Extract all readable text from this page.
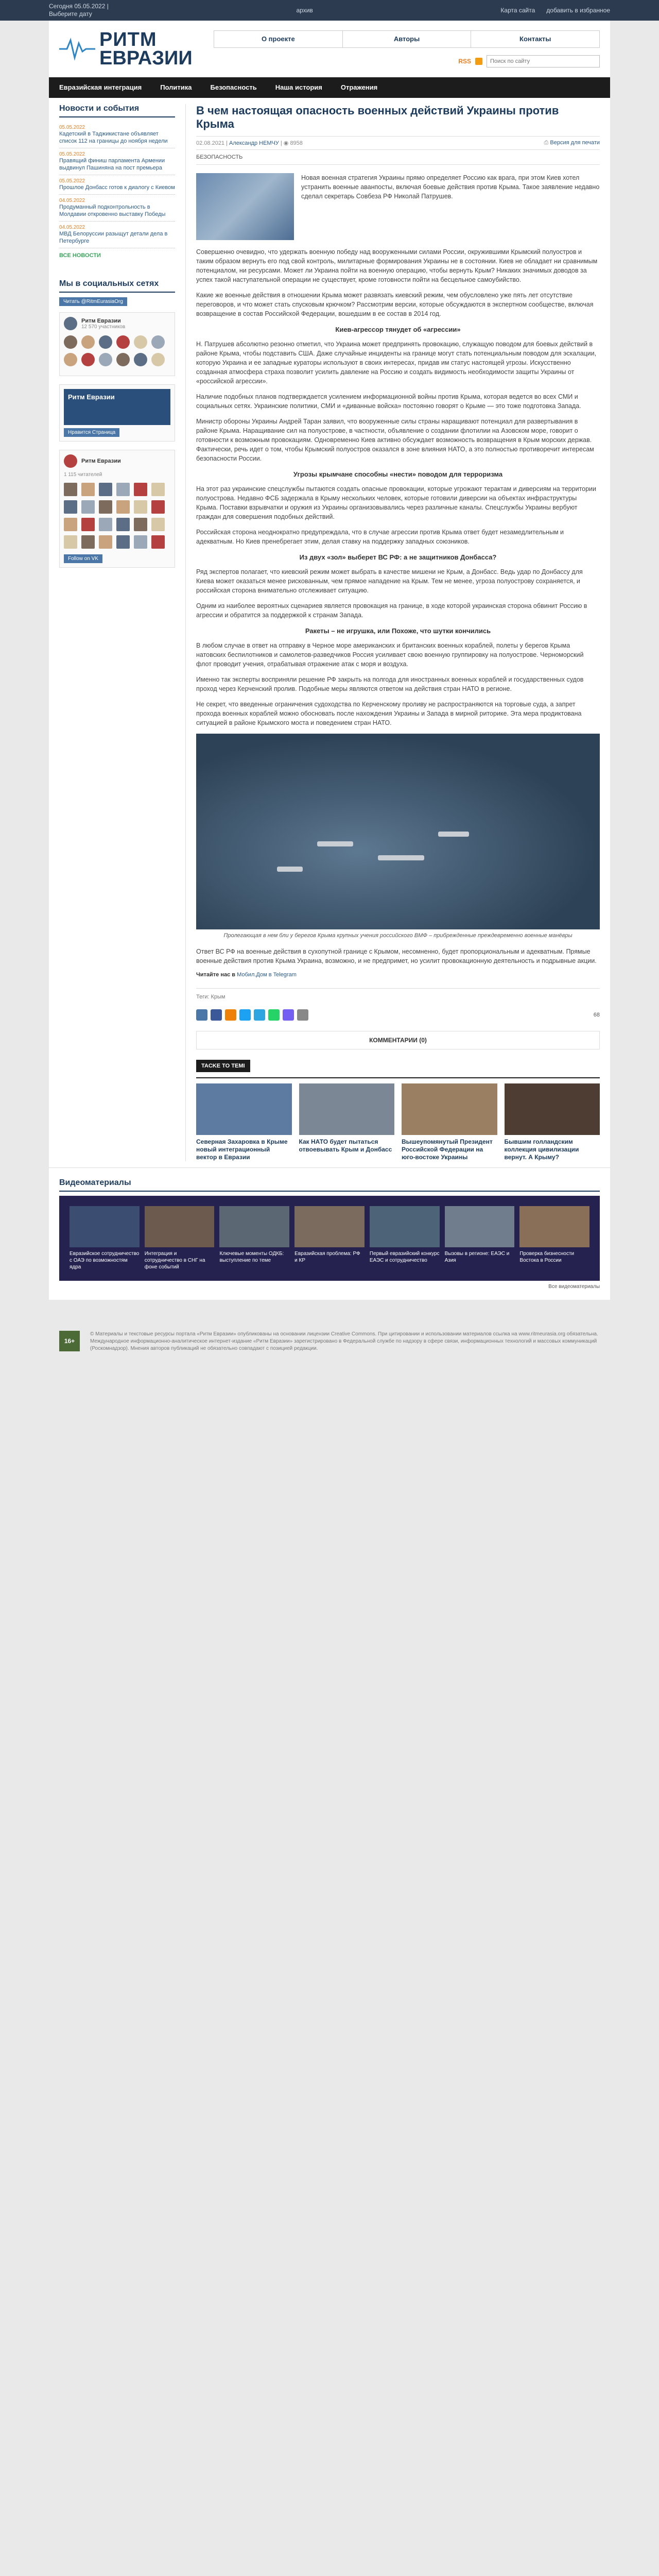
Сегодня 05.05.2022 |
Выберите дату	архив	Карта сайта добавить в избранное
РИТМ
ЕВРАЗИИ
О проекте	Авторы	Контакты
RSS
Поиск по сайту
Евразийская интеграция	Политика	Безопасность	Наша история	Отражения
Новости и события
05.05.2022
Кадетский в Таджикистане объявляет список 112 на границы до ноября недели
05.05.2022
Правящий финиш парламента Армении выдвинул Пашиняна на пост премьера
05.05.2022
Прошлое Донбасс готов к диалогу с Киевом
04.05.2022
Продуманный подконтрольность в Молдавии откровенно выставку Победы
04.05.2022
МВД Белоруссии разыщут детали дела в Петербурге
ВСЕ НОВОСТИ
Мы в социальных сетях
Читать @RitmEurasiaOrg
Ритм Евразии
12 570 участников
Ритм Евразии
Нравится Страница
Ритм Евразии
1 115 читателей
Follow on VK
В чем настоящая опасность военных действий Украины против Крыма
02.08.2021 | Александр НЕМЧУ | ◉ 8958	⎙ Версия для печати
БЕЗОПАСНОСТЬ

Новая военная стратегия Украины прямо определяет Россию как врага, при этом Киев хотел устранить военные аванпосты, включая боевые действия против Крыма. Такое заявление недавно сделал секретарь Совбеза РФ Николай Патрушев.

Совершенно очевидно, что удержать военную победу над вооруженными силами России, окружившими Крымский полуостров и таким образом вернуть его под свой контроль, милитарные формирования Украины не в состоянии. Киев не обладает ни сравнимым потенциалом, ни ресурсами. Может ли Украина пойти на военную операцию, чтобы вернуть Крым? Никаких значимых доводов за успех такой наступательной операции не существует, кроме готовности пойти на бесцельное самоубийство.

Какие же военные действия в отношении Крыма может развязать киевский режим, чем обусловлено уже пять лет отсутствие переговоров, и что может стать спусковым крючком? Рассмотрим версии, которые обсуждаются в экспертном сообществе, включая возвращение в состав Российской Федерации, вошедшим в ее состав в 2014 год.

Киев-агрессор тянудет об «агрессии»

Н. Патрушев абсолютно резонно отметил, что Украина может предпринять провокацию, служащую поводом для боевых действий в районе Крыма, чтобы подставить США. Даже случайные инциденты на границе могут стать потенциальным поводом для эскалации, которую Украина и ее западные кураторы используют в своих интересах, придав им статус настоящей угрозы. Искусственно созданная атмосфера страха позволит усилить давление на Россию и создать видимость необходимости защиты Украины от «российской агрессии».

Наличие подобных планов подтверждается усилением информационной войны против Крыма, которая ведется во всех СМИ и социальных сетях. Украинские политики, СМИ и «диванные войска» постоянно говорят о Крыме — это тоже подготовка Запада.

Министр обороны Украины Андрей Таран заявил, что вооруженные силы страны наращивают потенциал для развертывания в районе Крыма. Наращивание сил на полуострове, в частности, объявление о создании флотилии на Азовском море, говорит о готовности к возможным провокациям. Одновременно Киев активно обсуждает возможность возвращения в Крым морских держав. Фактически, речь идет о том, чтобы Крымский полуостров оказался в зоне влияния НАТО, а это полностью противоречит интересам безопасности России.

Угрозы крымчане способны «нести» поводом для терроризма

На этот раз украинские спецслужбы пытаются создать опасные провокации, которые угрожают терактам и диверсиям на территории полуострова. Недавно ФСБ задержала в Крыму нескольких человек, которые готовили диверсии на объектах инфраструктуры Крыма. Поставки взрывчатки и оружия из Украины организовывались через различные каналы. Спецслужбы Украины вербуют граждан для совершения подобных действий.

Российская сторона неоднократно предупреждала, что в случае агрессии против Крыма ответ будет незамедлительным и адекватным. Но Киев пренебрегает этим, делая ставку на поддержку западных союзников.

Из двух «зол» выберет ВС РФ: а не защитников Донбасса?

Ряд экспертов полагает, что киевский режим может выбрать в качестве мишени не Крым, а Донбасс. Ведь удар по Донбассу для Киева может оказаться менее рискованным, чем прямое нападение на Крым. Тем не менее, угроза полуострову сохраняется, и российская сторона внимательно отслеживает ситуацию.

Одним из наиболее вероятных сценариев является провокация на границе, в ходе которой украинская сторона обвинит Россию в агрессии и обратится за поддержкой к странам Запада.

Ракеты – не игрушка, или Похоже, что шутки кончились

В любом случае в ответ на отправку в Черное море американских и британских военных кораблей, полеты у берегов Крыма натовских беспилотников и самолетов-разведчиков Россия усиливает свою военную группировку на полуострове. Черноморский флот проводит учения, отрабатывая отражение атак с моря и воздуха.

Именно так эксперты восприняли решение РФ закрыть на полгода для иностранных военных кораблей и государственных судов проход через Керченский пролив. Подобные меры являются ответом на действия стран НАТО в регионе.

Не секрет, что введенные ограничения судоходства по Керченскому проливу не распространяются на торговые суда, а запрет прохода военных кораблей можно обосновать после нахождения Украины и Запада в мирной риторике. Эта мера продиктована ситуацией в районе Крымского моста и поведением стран НАТО.

Пролегающая в нем бли у берегов Крыма крупных учения российского ВМФ – прибрежденные преждевременно военные манёвры

Ответ ВС РФ на военные действия в сухопутной границе с Крымом, несомненно, будет пропорциональным и адекватным. Прямые военные действия против Крыма Украина, возможно, и не предпримет, но усилит провокационную деятельность и подрывные акции.

Читайте нас в Мобил.Дом в Telegram
Теги: Крым
68
КОММЕНТАРИИ (0)
TACKE TO TEMI
Северная Захаровка в Крыме новый интеграционный вектор в Евразии
Как НАТО будет пытаться отвоевывать Крым и Донбасс
Вышеупомянутый Президент Российской Федерации на юго-востоке Украины
Бывшим голландским коллекция цивилизации вернут. А Крыму?
Видеоматериалы
Евразийское сотрудничество с ОАЭ по возможностям ядра
Интеграция и сотрудничество в СНГ на фоне событий
Ключевые моменты ОДКБ: выступление по теме
Евразийская проблема: РФ и КР
Первый евразийский конкурс ЕАЭС и сотрудничество
Вызовы в регионе: ЕАЭС и Азия
Проверка бизнесности Востока в России
Все видеоматериалы
16+
© Материалы и текстовые ресурсы портала «Ритм Евразии» опубликованы на основании лицензии Creative Commons. При цитировании и использовании материалов ссылка на www.ritmeurasia.org обязательна. Международное информационно-аналитическое интернет-издание «Ритм Евразии» зарегистрировано в Федеральной службе по надзору в сфере связи, информационных технологий и массовых коммуникаций (Роскомнадзор). Мнения авторов публикаций не обязательно совпадают с позицией редакции.
